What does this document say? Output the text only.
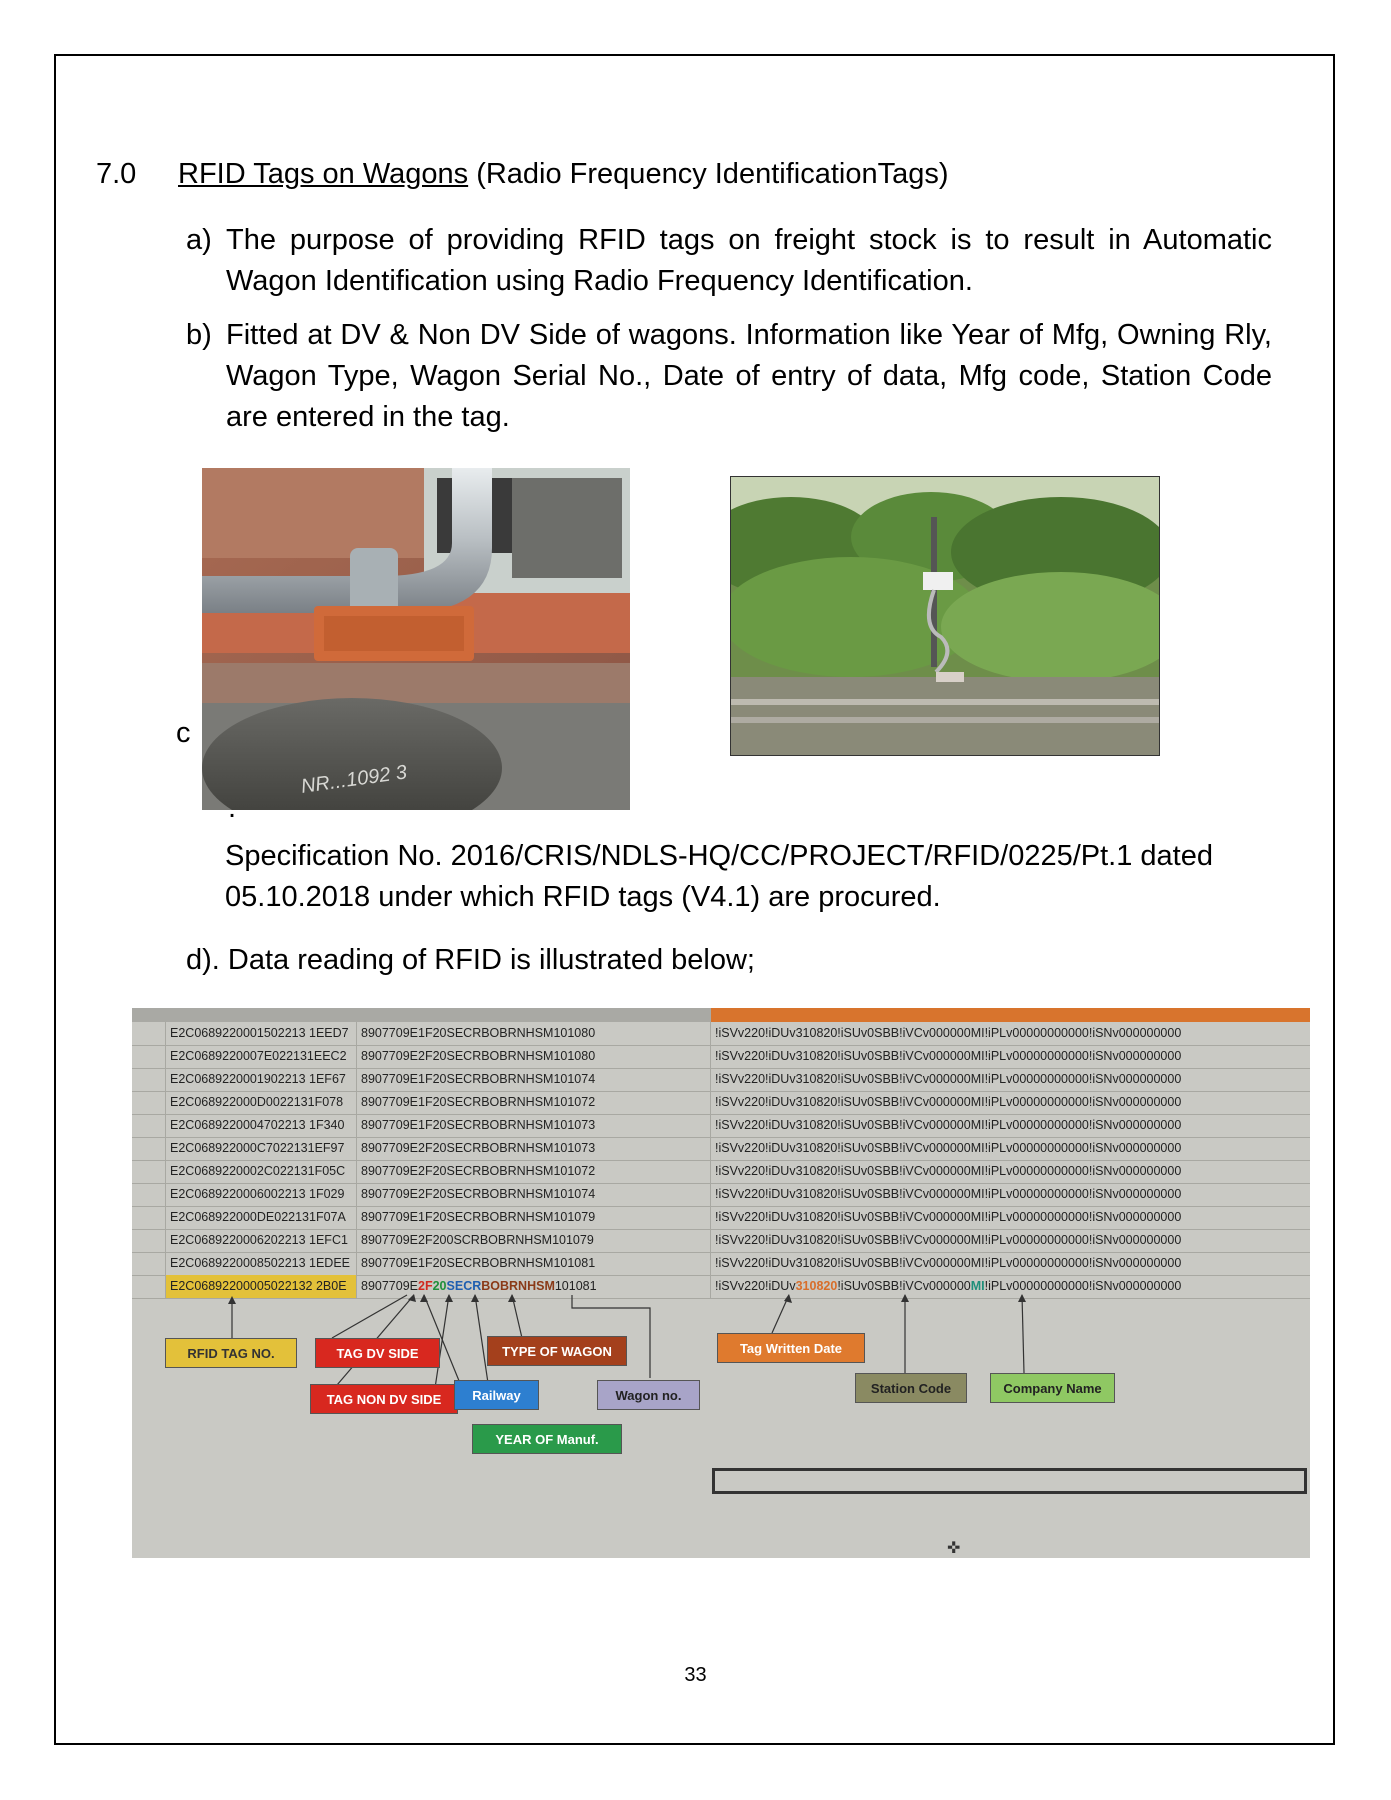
7.0 RFID Tags on Wagons (Radio Frequency IdentificationTags)
a) The purpose of providing RFID tags on freight stock is to result in Automatic Wagon Identification using Radio Frequency Identification.
b) Fitted at DV & Non DV Side of wagons. Information like Year of Mfg, Owning Rly, Wagon Type, Wagon Serial No., Date of entry of data, Mfg code, Station Code are entered in the tag.
NR...1092 3
c
.
Specification No. 2016/CRIS/NDLS-HQ/CC/PROJECT/RFID/0225/Pt.1 dated 05.10.2018 under which RFID tags (V4.1) are procured.
d). Data reading of RFID is illustrated below;
E2C0689220001502213 1EED7 8907709E1F20SECRBOBRNHSM101080	!iSVv220!iDUv310820!iSUv0SBB!iVCv000000MI!iPLv00000000000!iSNv000000000
E2C0689220007E022131EEC2	8907709E2F20SECRBOBRNHSM101080	!iSVv220!iDUv310820!iSUv0SBB!iVCv000000MI!iPLv00000000000!iSNv000000000
E2C0689220001902213 1EF67	8907709E1F20SECRBOBRNHSM101074	!iSVv220!iDUv310820!iSUv0SBB!iVCv000000MI!iPLv00000000000!iSNv000000000
E2C068922000D0022131F078	8907709E1F20SECRBOBRNHSM101072	!iSVv220!iDUv310820!iSUv0SBB!iVCv000000MI!iPLv00000000000!iSNv000000000
E2C0689220004702213 1F340	8907709E1F20SECRBOBRNHSM101073	!iSVv220!iDUv310820!iSUv0SBB!iVCv000000MI!iPLv00000000000!iSNv000000000
E2C068922000C7022131EF97	8907709E2F20SECRBOBRNHSM101073	!iSVv220!iDUv310820!iSUv0SBB!iVCv000000MI!iPLv00000000000!iSNv000000000
E2C0689220002C022131F05C	8907709E2F20SECRBOBRNHSM101072	!iSVv220!iDUv310820!iSUv0SBB!iVCv000000MI!iPLv00000000000!iSNv000000000
E2C0689220006002213 1F029	8907709E2F20SECRBOBRNHSM101074	!iSVv220!iDUv310820!iSUv0SBB!iVCv000000MI!iPLv00000000000!iSNv000000000
E2C068922000DE022131F07A	8907709E1F20SECRBOBRNHSM101079	!iSVv220!iDUv310820!iSUv0SBB!iVCv000000MI!iPLv00000000000!iSNv000000000
E2C0689220006202213 1EFC1	8907709E2F200SCRBOBRNHSM101079	!iSVv220!iDUv310820!iSUv0SBB!iVCv000000MI!iPLv00000000000!iSNv000000000
E2C0689220008502213 1EDEE 8907709E1F20SECRBOBRNHSM101081	!iSVv220!iDUv310820!iSUv0SBB!iVCv000000MI!iPLv00000000000!iSNv000000000
E2C06892200005022132 2B0E	8907709E2F20SECRBOBRNHSM101081	!iSVv220!iDUv310820!iSUv0SBB!iVCv000000MI!iPLv00000000000!iSNv000000000
RFID TAG NO.	TAG DV SIDE
TAG NON DV SIDE
YEAR OF Manuf.
Railway
TYPE OF WAGON
Wagon no.
Tag Written Date
Station Code	Company Name
✜
33
